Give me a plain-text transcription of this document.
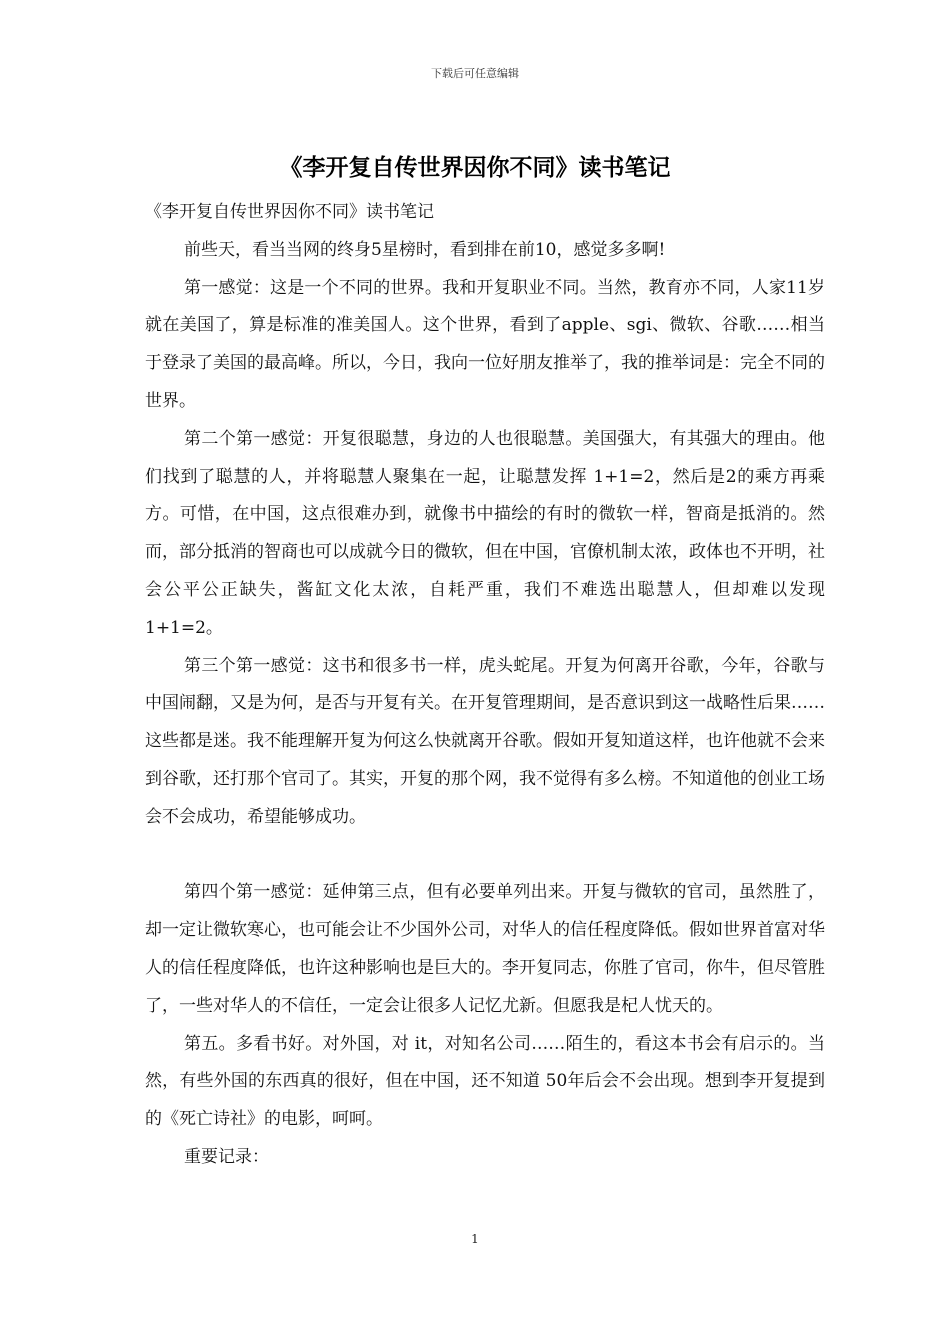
下载后可任意编辑
《李开复自传世界因你不同》读书笔记

《李开复自传世界因你不同》读书笔记

前些天，看当当网的终身5星榜时，看到排在前10，感觉多多啊!

第一感觉：这是一个不同的世界。我和开复职业不同。当然，教育亦不同，人家11岁就在美国了，算是标准的准美国人。这个世界，看到了apple、sgi、微软、谷歌……相当于登录了美国的最高峰。所以，今日，我向一位好朋友推举了，我的推举词是：完全不同的世界。

第二个第一感觉：开复很聪慧，身边的人也很聪慧。美国强大，有其强大的理由。他们找到了聪慧的人，并将聪慧人聚集在一起，让聪慧发挥 1+1=2，然后是2的乘方再乘方。可惜，在中国，这点很难办到，就像书中描绘的有时的微软一样，智商是抵消的。然而，部分抵消的智商也可以成就今日的微软，但在中国，官僚机制太浓，政体也不开明，社会公平公正缺失，酱缸文化太浓，自耗严重，我们不难选出聪慧人，但却难以发现 1+1=2。

第三个第一感觉：这书和很多书一样，虎头蛇尾。开复为何离开谷歌，今年，谷歌与中国闹翻，又是为何，是否与开复有关。在开复管理期间，是否意识到这一战略性后果……这些都是迷。我不能理解开复为何这么快就离开谷歌。假如开复知道这样，也许他就不会来到谷歌，还打那个官司了。其实，开复的那个网，我不觉得有多么榜。不知道他的创业工场会不会成功，希望能够成功。

第四个第一感觉：延伸第三点，但有必要单列出来。开复与微软的官司，虽然胜了，却一定让微软寒心，也可能会让不少国外公司，对华人的信任程度降低。假如世界首富对华人的信任程度降低，也许这种影响也是巨大的。李开复同志，你胜了官司，你牛，但尽管胜了，一些对华人的不信任，一定会让很多人记忆尤新。但愿我是杞人忧天的。

第五。多看书好。对外国，对 it，对知名公司……陌生的，看这本书会有启示的。当然，有些外国的东西真的很好，但在中国，还不知道 50年后会不会出现。想到李开复提到的《死亡诗社》的电影，呵呵。

重要记录：

1
